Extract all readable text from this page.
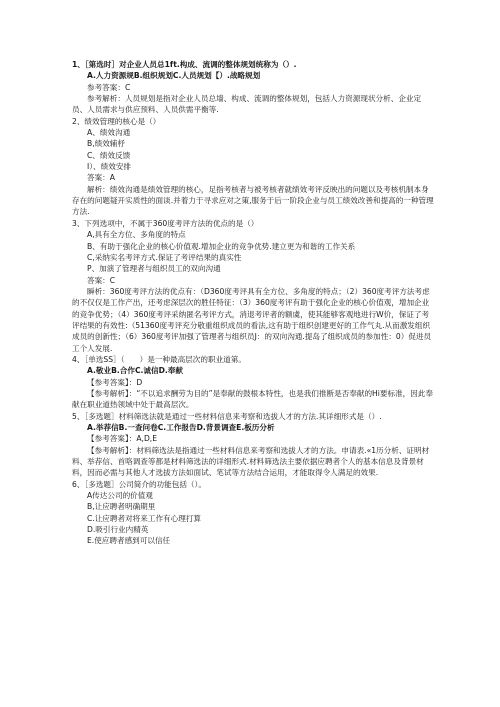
1、［第选时］对企业人员总1ft.构成、流调的整体规划统称为（）.
A.人力资源规B.组织规划C.人员规划【）.战略规划
参考答案：C
参考解析：人员规划是指对企业人员总墙、构成、流调的整体规划，包括人力资源现状分析、企业定员、人员需求与供应预料、人员供需平衡等.
2、绩效管理的核心是（）
A、绩效沟通
B,绩效辅杼
C、绩效反馈
I）、绩效安排
答案：A
解析：绩效沟通是绩效管理的核心，足指考核者与被考核者就绩效考评反映出的问题以及考核机制本身存在的问题疑开实质性的面谈.并着力于寻求应对之策,服务于后一阶段企业与员工绩效改善和提高的一种管理方法.
3、下列选项中，不属于360度考评方法的优点的是（）
A,具有全方位、多角度的特点
B、有助于强化企业的核心价值观.增加企业的竞争优势.建立更为和谐的工作关系
C,采纳实名考评方式.保证了考评结果的真实性
P、加演了管理者与组织员工的双向沟通
答案：C
瞬析：360度考评方法的优点有：（D360度考评具有全方位、多角度的特点；（2）360度考评方法考虑的不仅仅是工作产出，还考虑深层次的胜任特征：（3）360度考评有助于强化企业的核心价值观，增加企业的竞争优势；（4）360度考评采纳匿名考评方式，消退考评者的额虞，使其能够客观地进行W价，保证了考评结果的有效性:（51360度考评充分敬重组织成员的看法,这有助于组织创建更好的工作气丸.从而激发组织成员的创新性；（6）360度考评加强了管理者与组织员J：的双向沟通.提岛了组织成员的参加性：0）促进员工个人发展.
4、［单选SS］（　　）是一种最高层次的职业道第。
A.敬业B.合作C.诚信D.奉献
【参考答案】：D
【参考解析】：“不以追求酬劳为目的”是奉献的鼓根本特性，也是我们推断是否奉献的Hi要标准，因此奉献在职业道热领域中处于最高层次。
5、［多选题］材料筛选法就是通过一些材料信息来考察和选拔人才的方法.其详细形式是（）.
A.举荐信B.一查问卷C.工作报告D.背景调查E.板历分析
【参考答案】：A,D,E
【参考解析】：材料筛选法是指通过一些材料信息来考察和选拔人才的方法。申请表.«1历分析、证明材料、举荐信、首咯调查等都是材料筛选法的详细形式.材料筛选法主要依据应聘者个人的基本信息及背景材料，因而必需与其他人才选拔方法如面试、笔试等方法结合运用，才能取得令人满足的效果.
6、［多选题］公司简介的功能包括（）。
A传达公司的价值观
B,让应聘者明确期里
C.让应聘者对将来工作有心理打算
D.吸引行业内精英
E.使应聘者感到可以信任
